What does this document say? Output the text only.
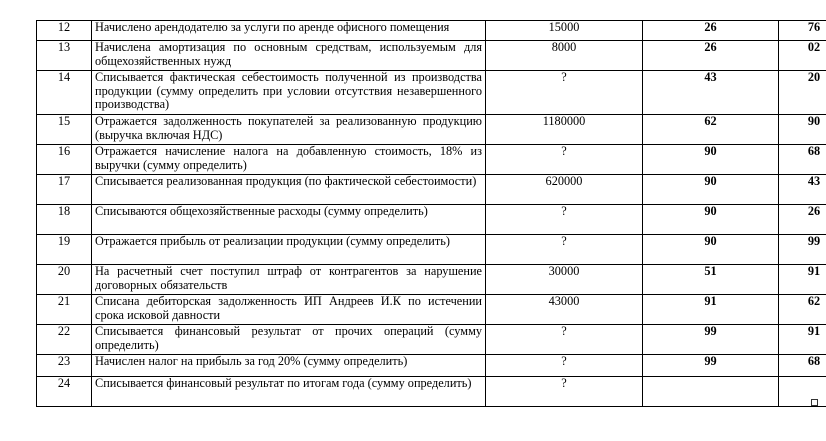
12	Начислено арендодателю за услуги по аренде офисного помещения	15000	26	76
13	Начислена амортизация по основным средствам, используемым для общехозяйственных нужд	8000	26	02
14	Списывается фактическая себестоимость полученной из производства продукции (сумму определить при условии отсутствия незавершенного производства)	?	43	20
15	Отражается задолженность покупателей за реализованную продукцию (выручка включая НДС)	1180000	62	90
16	Отражается начисление налога на добавленную стоимость, 18% из выручки (сумму определить)	?	90	68
17	Списывается реализованная продукция (по фактической себестоимости)	620000	90	43
18	Списываются общехозяйственные расходы (сумму определить)	?	90	26
19	Отражается прибыль от реализации продукции (сумму определить)	?	90	99
20	На расчетный счет поступил штраф от контрагентов за нарушение договорных обязательств	30000	51	91
21	Списана дебиторская задолженность ИП Андреев И.К по истечении срока исковой давности	43000	91	62
22	Списывается финансовый результат от прочих операций (сумму определить)	?	99	91
23	Начислен налог на прибыль за год 20% (сумму определить)	?	99	68
24	Списывается финансовый результат по итогам года (сумму определить)	?		
